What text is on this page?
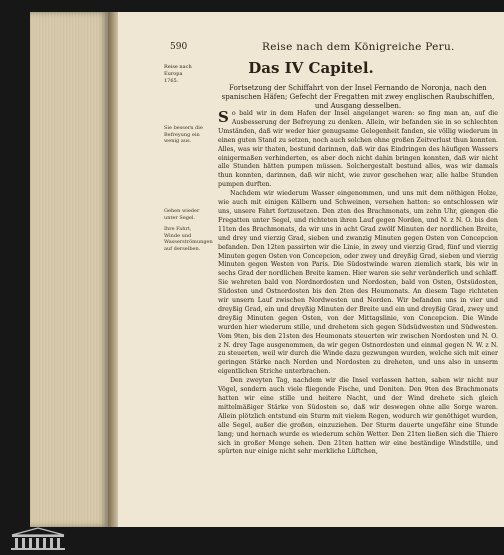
590	Reise nach dem Königreiche Peru.
Reise nach
Europa
1765.
Das IV Capitel.
Fortsetzung der Schiffahrt von der Insel Fernando de Noronja, nach den spanischen Häfen; Gefecht der Fregatten mit zwey englischen Raubschiffen, und Ausgang desselben.
Sie bessern die Befreyung ein wenig aus.
Gehen wieder unter Segel.
Ihre Fahrt, Winde und Wasserströmungen auf derselben.

So bald wir in dem Hafen der Insel angelanget waren: so fing man an, auf die Ausbesserung der Befreyung zu denken. Allein, wir befanden sie in so schlechten Umständen, daß wir weder hier genugsame Gelegenheit fanden, sie völlig wiederum in einen guten Stand zu setzen, noch auch solchen ohne großen Zeitverlust thun konnten. Alles, was wir thaten, bestund darinnen, daß wir das Eindringen des häufigen Wassers einigermaßen verhinderten, es aber doch nicht dahin bringen konnten, daß wir nicht alle Stunden hätten pumpen müssen. Solchergestalt bestund alles, was wir damals thun konnten, darinnen, daß wir nicht, wie zuvor geschehen war, alle halbe Stunden pumpen durften.

Nachdem wir wiederum Wasser eingenommen, und uns mit dem nöthigen Holze, wie auch mit einigen Kälbern und Schweinen, versehen hatten: so entschlossen wir uns, unsere Fahrt fortzusetzen. Den zten des Brachmonats, um zehn Uhr, giengen die Fregatten unter Segel, und richteten ihren Lauf gegen Norden, und N. z N. O. bis den 11ten des Brachmonats, da wir uns in acht Grad zwölf Minuten der nordlichen Breite, und drey und vierzig Grad, sieben und zwanzig Minuten gegen Osten von Concepcion befanden. Den 12ten passirten wir die Linie, in zwey und vierzig Grad, fünf und vierzig Minuten gegen Osten von Concepcion, oder zwey und dreyßig Grad, sieben und vierzig Minuten gegen Westen von Paris. Die Südostwinde waren ziemlich stark, bis wir in sechs Grad der nordlichen Breite kamen. Hier waren sie sehr veränderlich und schlaff. Sie wehreten bald von Nordnordosten und Nordosten, bald von Osten, Ostsüdosten, Südosten und Ostnordosten bis den 2ten des Heumonats. An diesem Tage richteten wir unsern Lauf zwischen Nordwesten und Norden. Wir befanden uns in vier und dreyßig Grad, ein und dreyßig Minuten der Breite und ein und dreyßig Grad, zwey und dreyßig Minuten gegen Osten, von der Mittagslinie, von Concepcion. Die Winde wurden hier wiederum stille, und drehetem sich gegen Südsüdwesten und Südwesten. Vom 9ten, bis den 21sten des Heumonats steuerten wir zwischen Nordosten und N. O. z N. drey Tage ausgenommen, da wir gegen Ostnordosten und einmal gegen N. W. z N. zu steuerten, weil wir durch die Winde dazu gezwungen wurden, welche sich mit einer geringen Stärke nach Norden und Nordosten zu dreheten, und uns also in unserm eigentlichen Striche unterbrachen.

Den zweyten Tag, nachdem wir die Insel verlassen hatten, sahen wir nicht nur Vögel, sondern auch viele fliegende Fische, und Doniten. Den 9ten des Brachmonats hatten wir eine stille und heitere Nacht, und der Wind drehete sich gleich mittelmäßiger Stärke von Südosten so, daß wir deswegen ohne alle Sorge waren. Allein plötzlich entstund ein Sturm mit vielem Regen, wodurch wir genöthiget wurden, alle Segel, außer die großen, einzuziehen. Der Sturm dauerte ungefähr eine Stunde lang; und hernach wurde es wiederum schön Wetter. Den 21ten ließen sich die Thiere sich in großer Menge sehen. Den 21ten hatten wir eine beständige Windstille, und spürten nur einige nicht sehr merkliche Lüftchen,
